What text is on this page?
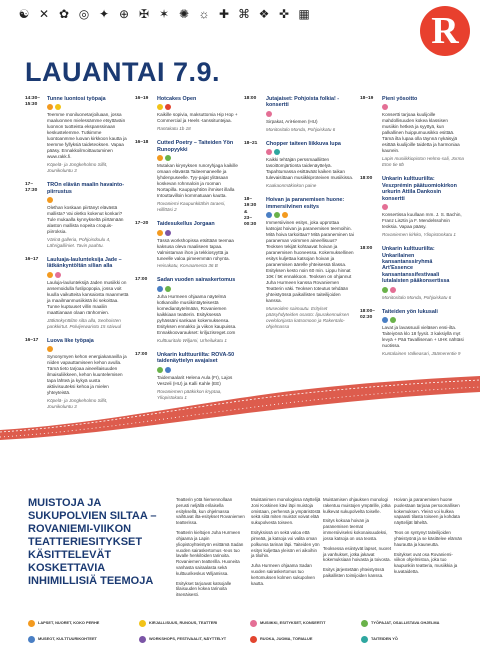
☯ ✕ ✿ ◎ ✦ ⊕ ✠ ✶ ✺ ☼ ✚ ⌘ ❖ ✜ ▦	R
LAUANTAI 7.9.
14:30–
15:30
Tunne luontosi työpaja

Teemme moniluonetarjoiluaan, jossa maaluonnen mielessämme etsyttäväin luonnon tuotteista ekspanssinaan keskustelemme. Tutkimme luontoanmme luovan kirkkoon kautta ja teemme fyllyksiä taideteoksen. Vapaa pääsy. Ennakkoilmoittautuminen www.rakk.fi.

Köpelä- ja Jongkeholmo Sillit, Jounikoluntu 3

17–
17:30
TROn elävän maalin havainto-piirrustus

Olethan koskaan piirtänyt elävästä mallista? Vai oletko kokenut konkari? Tule mukaalla kynnykseltä piirtämään alaston mallista nopeita croquis-piirroksia.

Värinä galleria, Pohjoisdoulu 4, Lährigalliiniet. Tavin paahtu.

16–17	Lauluaja-laulunteksija Jade – lätkänkyntöltän silian alla

Lauluja-laulunteksijä Jaden musiikki on ansemoidulla fuslipopopia, jossa voit kuulla vaikutteita kansaiosta maanmettä ja maailmanmusiikistä iki sekoittaa. Tunne kuptuuset villin maaliin maattianaan olaan ränhomien.

Jätkänkynttilän silta alla, Seohoisten pankkirtut. Polvijerwaristo 15 säivuul

16–17	Luova like työpaja

Synonymyen kehon energiakanavilla ja niiden vapauttamiseen kehon avulla. Tämä tieto tarjoaa aineellaisuuden ilmaisuliikkeen, kehon kuuntelemisen tapa lähteä ja kykyä uusta aktiivisuuteksi kehoa ja mielen yhteyteistä.

Köpelä- ja Jongkeholmo Sillit, Jounikoluntu 3

16–19	Hotcakes Open

Kaikille sopivia, maksuttomia Hip Hop + Commercial ja Heels -tanssituntejaa.

Rantakatu 1b 18

16–18	Cutted Poetry – Taiteiden Yön Runopyykki

Mutakan kirysyksen runoryhjaga kaikille omaan elävästä Taiteemaneelle ja lyhdenpuseelle. Tyy-pajat ylitäsaan koskevan rohnnaloin ja rooman Nortapilla. Kauppayhtiön ihmiset illalla Intouttavilloin kommatuaan kautta.

Rovaniemi Kaupunkitähin taraesi, Hillittäsi 2

17–20	Taidesukellus Jorgaan

Tässä workshopissa etsittään teemaa kaksusa oleva maaliseen tapaa. Valmistaman ihon ja tekkiosyyttä ja tuneelle valoa pimeemmän rohynta.

Heisakatu, Korvaamesta 36 B

17:00	Sadan vuoden sairaskertomus

Juha Hurmeen ohjaama näytelmä kotkanoille musiikintäyteisestä komedianäytelmään, Rovaniemen kaikkiaan teatterin. Esityksessä pyhässäni sankaan kokemuksensa. Esityksen ennakko ja viikon kaupuissa. Ennakkoovaraukset: kriljuzisreget.com

Kulttuuritalo Wiljami, Urheilukatu 1

17:00	Unkarin kulttuuriilta: ROVA-50 taidenäyttelyn avajaiset

Taidemaalarit Helena Aula (FI), Lajos Veszeli (HU) ja Kalli Kahle (EE)

Rovaniemen pääkirkon kryptaa, Yliopistokatu 1

18:00	Jutajaiset: Pohjoista folkia! -konsertti

Sirpakat, AriHiemen (HU)

Monitoritalo Monda, Pohjoiskatu 6

18–21	Chopper taiteen liikkuva lupa

Kaikki tehtäjän perssmaalliitten tasoittomjärtionta taidenäyttelyä. Tapahtumassa esittäväät kaiken taikan tulevaisittaan musiikkiproteiven musiikissa.

Kaakaonmäkinkon paine

18–
19:30
&
23–
00:30
Hoivan ja paranemisen huone: immersiivinen esitys

Immersiivinen esitys, joka upprottaa katsojat hoivan ja paranemisen teemoihin. Mitä hoiva tarkoittaa? Mitä paraneminen tai paraneman voimmen aineellisuus? Teoksen tekijät kohtaavat hoivan ja paranemisen huoneessa. Kokemuksellinen esitys kuljettaa katsojan hoivan ja paranemisen äärelle yhteisessä tilassa. Esityksen kesto noin 60 min. Lippu hinnat 10€ / 5€ ennakkoon. Teoksen on ohjannut Juha Hurmeen kanssa Rovaniemen Teatterin väki. Teoksen toteutus tehdään yhteistyössä paikallisten taiteilijoiden kanssa.

Museoiden saimuutu. Erityiset pääsyhdyteiden osasto: lipurakennuksen ovelolonjasta katsomoon ja Rakentalo-ohjelmassa

18–19	Pieni yösoitto

Konsertti tarjoaa kuulijoille mahdollisuuden kokea klassisen musiikin hetkeä ja syyttyä, kun palkallinen huippumuusikko esittää. Tämä ilta lupaa olla täynnä nykäisyjä esittää kuulijoille taidetta ja harmoniaa kaunein.

Lapin musiikkiopiston Helmo-sali, Jorma Eton tie 8b

18:00	Unkarin kulttuuriilta: Veszprémin päätuomiokirkon urkurin Attila Dankosin konsertti

Konsertissa kuullaan mm. J. S. Bachin, Franz Lisztin ja F. Mendelssohnin teoksia. Vapaa pääsy.

Rovaniemen kirkko, Yliopistonkatu 1

18:00	Unkarin kulttuuriilta: Unkarilainen kansantanssiryhmä Art'Essence kansantanssifestivaali lutalaisten pääkonsertissa

Monitoritalo Monda, Pohjoiskatu 6

18:00–
02:30
Taiteiden yön lukusali

Lavat ja lavassuuli vieläsen ensi-ilta. Taiteiyönä klo 18 fyysit. 3 kaksiyllä myt levyä + Pää Tavallisenan + UHK nähtäsi nuotissa.

Kuntalainen Valkeasari, Jäämerentie 9

MUISTOJA JA SUKUPOLVIEN SILTAA – ROVANIEMI-VIIKON TEATTERIESITYKSET KÄSITTELEVÄT KOSKETTAVIA INHIMILLISIÄ TEEMOJA

Teatterin yötä hiemennollaan perusti neljällä erilaisella esityksellä, kun ohjelmassa vaihtuvat ilta-esitykset Rovaniemen teatterissa.

Teatterin kieltojen Juha Hurmeen ohjaama ja Lapin yliopistoyhteistyön esittämä Sadan vuoden sairaskertomus -teos tuo lavalle henkilöiden tarinoita. Rovaniemen teatterilla. Huoneita vanhasta sairaalasta sekä kulttuurikeskus Wiljamissa.

Esitykset tarjoavat katsojalle tilaisuuden kokea tarinoita itsenäisesti.

Muistanimen monologissa näyttelijä Joni Koskinen kävi läpi muistoja omistaan, perhensä ja ympäristöstä sekä siitä miten muistot voivat elää sukupolvesta toiseen.

Esityksissä on sekä valoa että pimeää, ja katsoja voi valita oman polkunsa tarinan läpi. Taiteiden yön esitys kuljettaa yleisön eri aikoihin ja tiloihin.

Juha Hurmeen ohjaama Sadan vuoden sairaskertomus tuo kertomuksen kolmen sukupolven kautta.

Muistamisen ohjauksen monologi rakentuu muistojen ympärille, jotka kulkevat sukupolvelta toiselle.

Esitys kokoaa hoivan ja paranemisen teemat immersiiviseksi kokonaisuudeksi, jossa katsoja on osa teosta.

Teoksessa esiintyvät lapset, nuoret ja vanhukset, jotka jakavat kokemuksiaan hoivasta ja toivosta.

Esitys järjestetään yhteistyössä paikallisten toimijoiden kanssa.

Hoivan ja paranemisen huone puolestaan tarjoaa persoonallisen kokemuksen. Yleisö voi kulkea vapaasti tilasta toiseen ja kohdata näyttelijät läheltä.

Teos on syntynyt taiteilijoiden yhteistyönä ja se käsittelee elämän haurautta ja kauneutta.

Esitykset ovat osa Rovaniemi-viikon ohjelmistoa, joka tuo kaupunkiin teatteria, musiikkia ja kuvataidetta.

LAPSET, NUORET, KOKO PERHE	KIRJALLISUUS, RUNOUS, TEATTERI	MUSIIKKI, ESITYKSET, KONSERTIT	TYÖPAJAT, OSALLISTAVA OHJELMA
MUSEOT, KULTTUURIKOHTEET	WORKSHOPS, FESTIVAALIT, NÄYTTELYT	RUOKA, JUOMA, TORIALUE	TAITEIDEN YÖ
